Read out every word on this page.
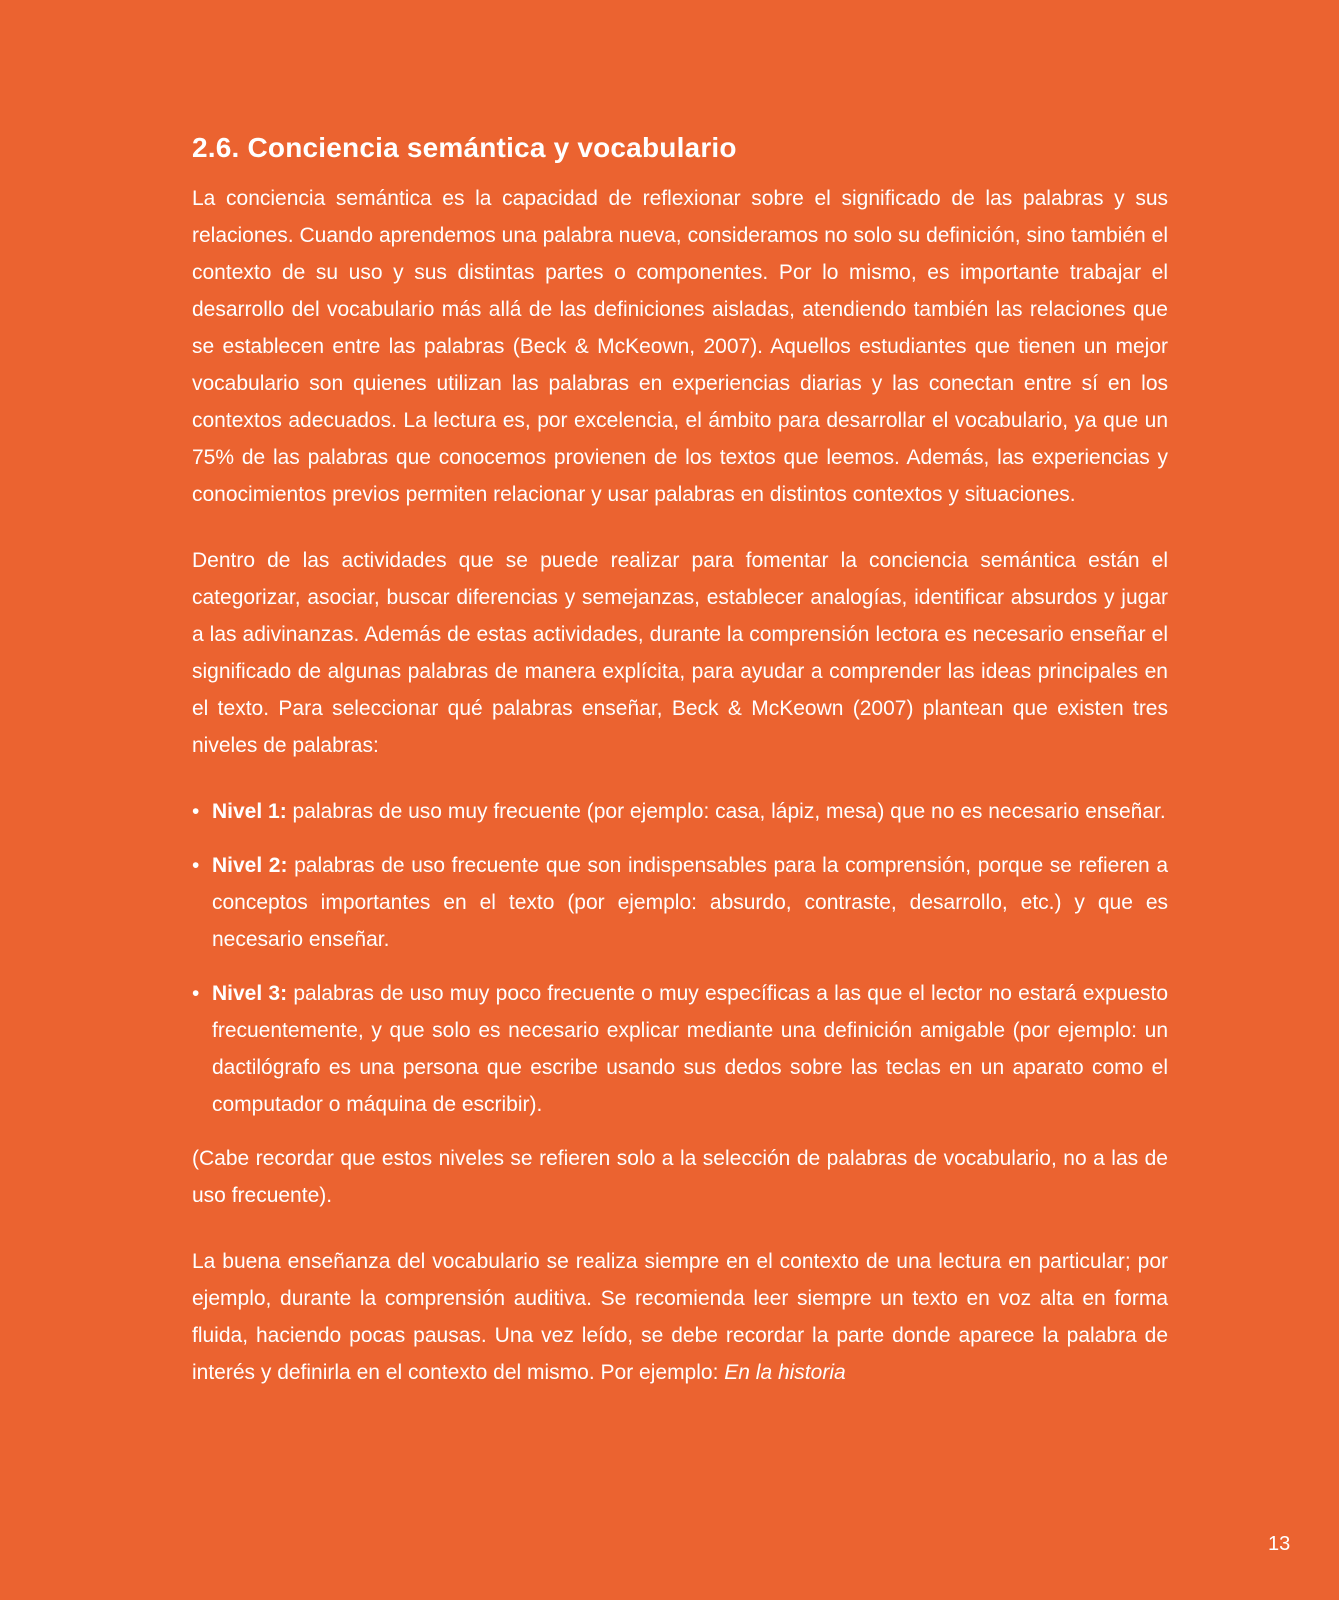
2.6. Conciencia semántica y vocabulario

La conciencia semántica es la capacidad de reflexionar sobre el significado de las palabras y sus relaciones. Cuando aprendemos una palabra nueva, consideramos no solo su definición, sino también el contexto de su uso y sus distintas partes o componentes. Por lo mismo, es importante trabajar el desarrollo del vocabulario más allá de las definiciones aisladas, atendiendo también las relaciones que se establecen entre las palabras (Beck & McKeown, 2007). Aquellos estudiantes que tienen un mejor vocabulario son quienes utilizan las palabras en experiencias diarias y las conectan entre sí en los contextos adecuados. La lectura es, por excelencia, el ámbito para desarrollar el vocabulario, ya que un 75% de las palabras que conocemos provienen de los textos que leemos. Además, las experiencias y conocimientos previos permiten relacionar y usar palabras en distintos contextos y situaciones.

Dentro de las actividades que se puede realizar para fomentar la conciencia semántica están el categorizar, asociar, buscar diferencias y semejanzas, establecer analogías, identificar absurdos y jugar a las adivinanzas. Además de estas actividades, durante la comprensión lectora es necesario enseñar el significado de algunas palabras de manera explícita, para ayudar a comprender las ideas principales en el texto. Para seleccionar qué palabras enseñar, Beck & McKeown (2007) plantean que existen tres niveles de palabras:

• Nivel 1: palabras de uso muy frecuente (por ejemplo: casa, lápiz, mesa) que no es necesario enseñar.
• Nivel 2: palabras de uso frecuente que son indispensables para la comprensión, porque se refieren a conceptos importantes en el texto (por ejemplo: absurdo, contraste, desarrollo, etc.) y que es necesario enseñar.
• Nivel 3: palabras de uso muy poco frecuente o muy específicas a las que el lector no estará expuesto frecuentemente, y que solo es necesario explicar mediante una definición amigable (por ejemplo: un dactilógrafo es una persona que escribe usando sus dedos sobre las teclas en un aparato como el computador o máquina de escribir).

(Cabe recordar que estos niveles se refieren solo a la selección de palabras de vocabulario, no a las de uso frecuente).

La buena enseñanza del vocabulario se realiza siempre en el contexto de una lectura en particular; por ejemplo, durante la comprensión auditiva. Se recomienda leer siempre un texto en voz alta en forma fluida, haciendo pocas pausas. Una vez leído, se debe recordar la parte donde aparece la palabra de interés y definirla en el contexto del mismo. Por ejemplo: En la historia

13
